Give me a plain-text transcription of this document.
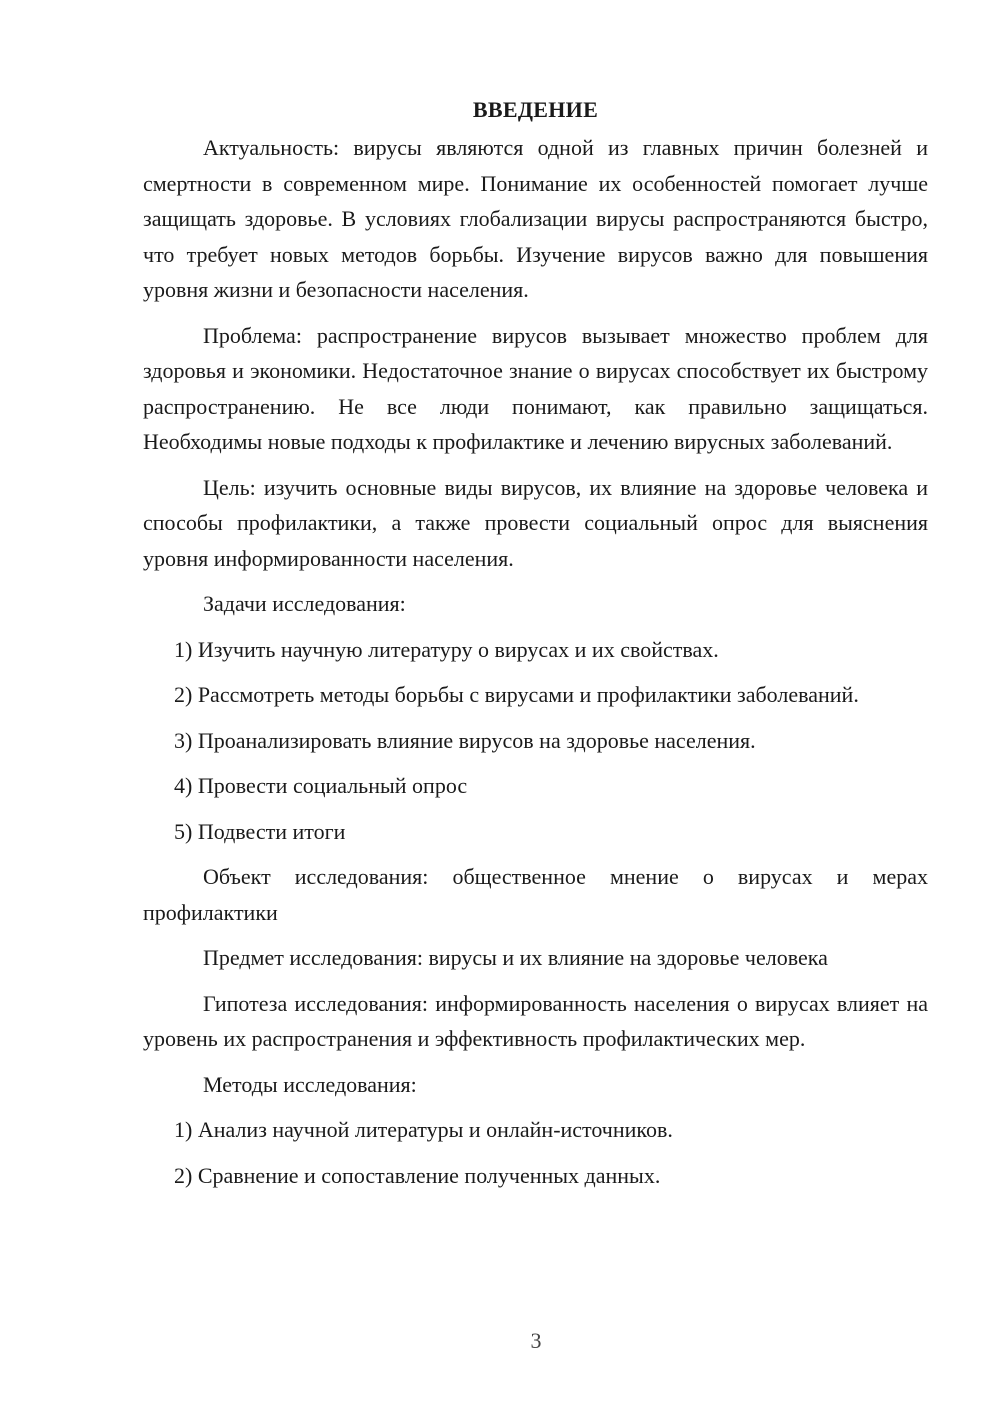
ВВЕДЕНИЕ

Актуальность: вирусы являются одной из главных причин болезней и смертности в современном мире. Понимание их особенностей помогает лучше защищать здоровье. В условиях глобализации вирусы распространяются быстро, что требует новых методов борьбы. Изучение вирусов важно для повышения уровня жизни и безопасности населения.

Проблема: распространение вирусов вызывает множество проблем для здоровья и экономики. Недостаточное знание о вирусах способствует их быстрому распространению. Не все люди понимают, как правильно защищаться. Необходимы новые подходы к профилактике и лечению вирусных заболеваний.

Цель: изучить основные виды вирусов, их влияние на здоровье человека и способы профилактики, а также провести социальный опрос для выяснения уровня информированности населения.

Задачи исследования:

1) Изучить научную литературу о вирусах и их свойствах.

2) Рассмотреть методы борьбы с вирусами и профилактики заболеваний.

3) Проанализировать влияние вирусов на здоровье населения.

4) Провести социальный опрос

5) Подвести итоги

Объект исследования: общественное мнение о вирусах и мерах профилактики

Предмет исследования: вирусы и их влияние на здоровье человека

Гипотеза исследования: информированность населения о вирусах влияет на уровень их распространения и эффективность профилактических мер.

Методы исследования:

1) Анализ научной литературы и онлайн-источников.

2) Сравнение и сопоставление полученных данных.

3
